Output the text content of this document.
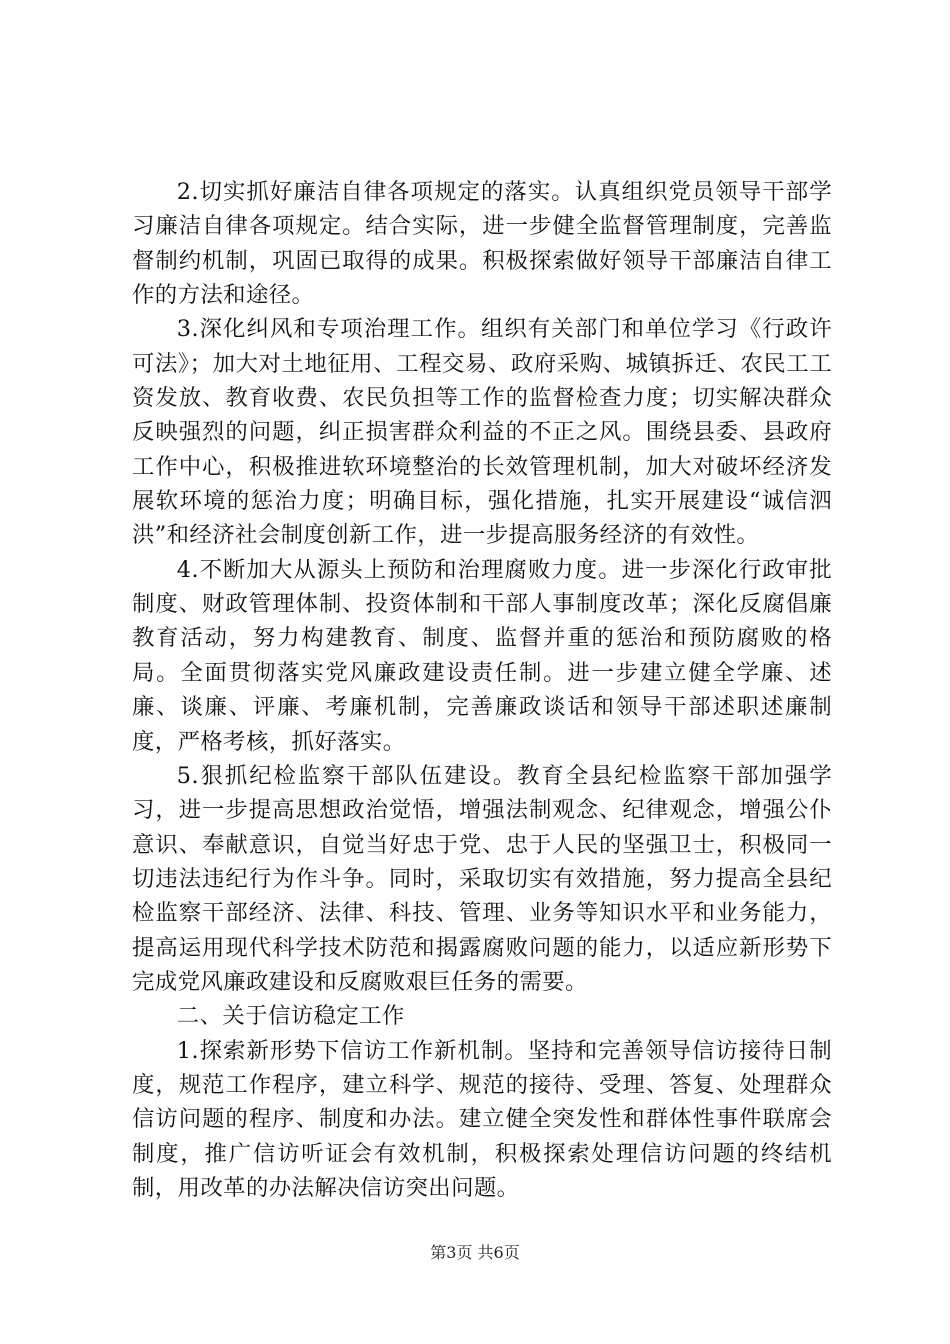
2.切实抓好廉洁自律各项规定的落实。认真组织党员领导干部学习廉洁自律各项规定。结合实际，进一步健全监督管理制度，完善监督制约机制，巩固已取得的成果。积极探索做好领导干部廉洁自律工作的方法和途径。

3.深化纠风和专项治理工作。组织有关部门和单位学习《行政许可法》；加大对土地征用、工程交易、政府采购、城镇拆迁、农民工工资发放、教育收费、农民负担等工作的监督检查力度；切实解决群众反映强烈的问题，纠正损害群众利益的不正之风。围绕县委、县政府工作中心，积极推进软环境整治的长效管理机制，加大对破坏经济发展软环境的惩治力度；明确目标，强化措施，扎实开展建设“诚信泗洪”和经济社会制度创新工作，进一步提高服务经济的有效性。

4.不断加大从源头上预防和治理腐败力度。进一步深化行政审批制度、财政管理体制、投资体制和干部人事制度改革；深化反腐倡廉教育活动，努力构建教育、制度、监督并重的惩治和预防腐败的格局。全面贯彻落实党风廉政建设责任制。进一步建立健全学廉、述廉、谈廉、评廉、考廉机制，完善廉政谈话和领导干部述职述廉制度，严格考核，抓好落实。

5.狠抓纪检监察干部队伍建设。教育全县纪检监察干部加强学习，进一步提高思想政治觉悟，增强法制观念、纪律观念，增强公仆意识、奉献意识，自觉当好忠于党、忠于人民的坚强卫士，积极同一切违法违纪行为作斗争。同时，采取切实有效措施，努力提高全县纪检监察干部经济、法律、科技、管理、业务等知识水平和业务能力，提高运用现代科学技术防范和揭露腐败问题的能力，以适应新形势下完成党风廉政建设和反腐败艰巨任务的需要。

二、关于信访稳定工作

1.探索新形势下信访工作新机制。坚持和完善领导信访接待日制度，规范工作程序，建立科学、规范的接待、受理、答复、处理群众信访问题的程序、制度和办法。建立健全突发性和群体性事件联席会制度，推广信访听证会有效机制，积极探索处理信访问题的终结机制，用改革的办法解决信访突出问题。

第3页 共6页
